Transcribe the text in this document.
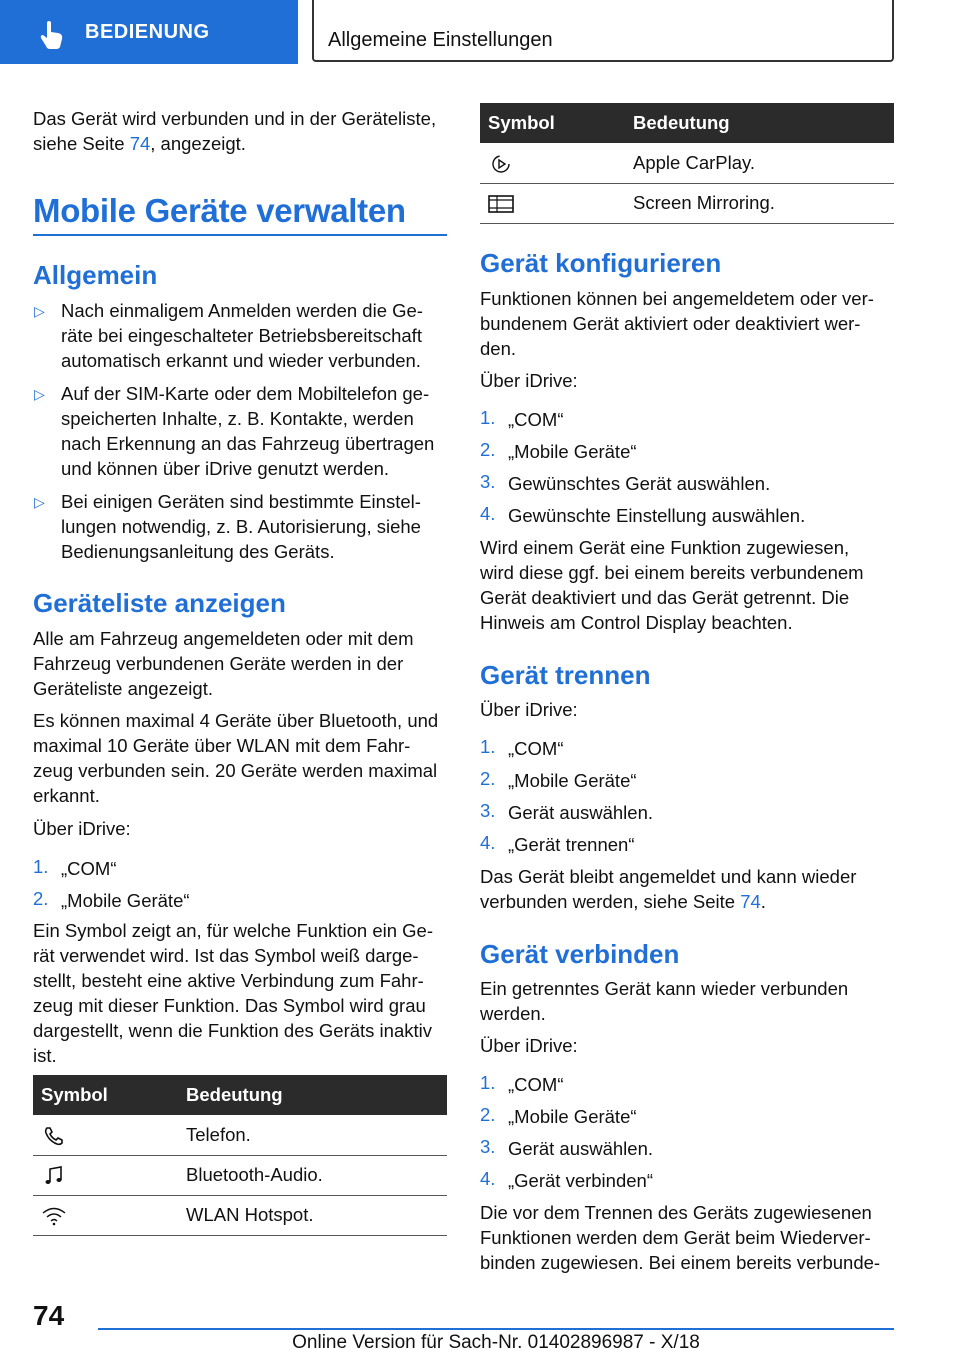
BEDIENUNG	Allgemeine Einstellungen
Das Gerät wird verbunden und in der Geräteliste,
siehe Seite 74, angezeigt.
Mobile Geräte verwalten
Allgemein
▷ Nach einmaligem Anmelden werden die Ge-
räte bei eingeschalteter Betriebsbereitschaft
automatisch erkannt und wieder verbunden.
▷ Auf der SIM-Karte oder dem Mobiltelefon ge-
speicherten Inhalte, z. B. Kontakte, werden
nach Erkennung an das Fahrzeug übertragen
und können über iDrive genutzt werden.
▷ Bei einigen Geräten sind bestimmte Einstel-
lungen notwendig, z. B. Autorisierung, siehe
Bedienungsanleitung des Geräts.
Geräteliste anzeigen
Alle am Fahrzeug angemeldeten oder mit dem
Fahrzeug verbundenen Geräte werden in der
Geräteliste angezeigt.
Es können maximal 4 Geräte über Bluetooth, und
maximal 10 Geräte über WLAN mit dem Fahr-
zeug verbunden sein. 20 Geräte werden maximal
erkannt.
Über iDrive:
1. „COM“
2. „Mobile Geräte“
Ein Symbol zeigt an, für welche Funktion ein Ge-
rät verwendet wird. Ist das Symbol weiß darge-
stellt, besteht eine aktive Verbindung zum Fahr-
zeug mit dieser Funktion. Das Symbol wird grau
dargestellt, wenn die Funktion des Geräts inaktiv
ist.
Symbol	Bedeutung
Telefon.
Bluetooth-Audio.
WLAN Hotspot.
Symbol	Bedeutung
Apple CarPlay.
Screen Mirroring.
Gerät konfigurieren
Funktionen können bei angemeldetem oder ver-
bundenem Gerät aktiviert oder deaktiviert wer-
den.
Über iDrive:
1. „COM“
2. „Mobile Geräte“
3. Gewünschtes Gerät auswählen.
4. Gewünschte Einstellung auswählen.
Wird einem Gerät eine Funktion zugewiesen,
wird diese ggf. bei einem bereits verbundenem
Gerät deaktiviert und das Gerät getrennt. Die
Hinweis am Control Display beachten.
Gerät trennen
Über iDrive:
1. „COM“
2. „Mobile Geräte“
3. Gerät auswählen.
4. „Gerät trennen“
Das Gerät bleibt angemeldet und kann wieder
verbunden werden, siehe Seite 74.
Gerät verbinden
Ein getrenntes Gerät kann wieder verbunden
werden.
Über iDrive:
1. „COM“
2. „Mobile Geräte“
3. Gerät auswählen.
4. „Gerät verbinden“
Die vor dem Trennen des Geräts zugewiesenen
Funktionen werden dem Gerät beim Wiederver-
binden zugewiesen. Bei einem bereits verbunde-
74
Online Version für Sach-Nr. 01402896987 - X/18
